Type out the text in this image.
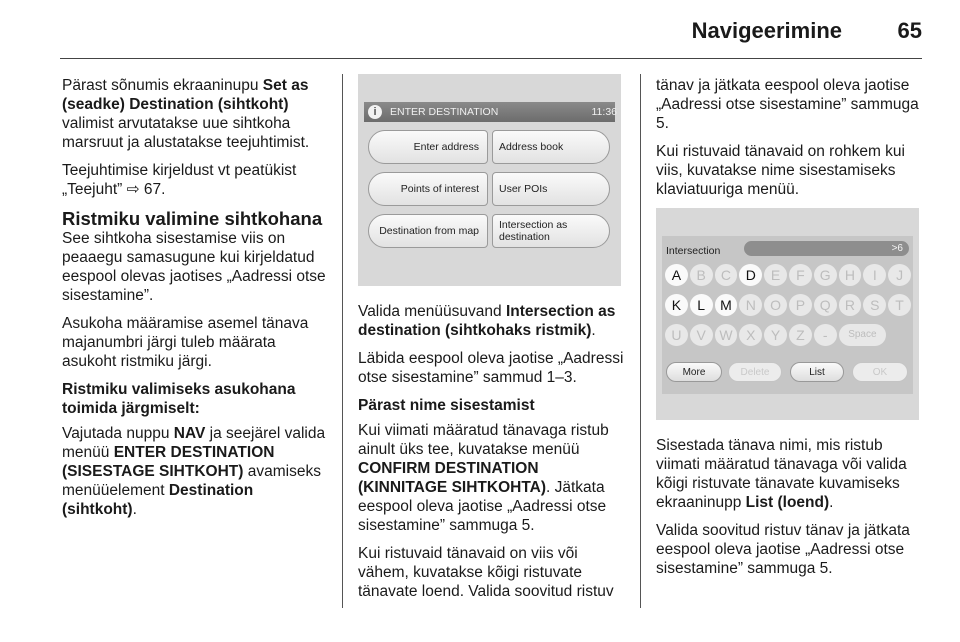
Navigeerimine	65

Pärast sõnumis ekraaninupu Set as (seadke) Destination (sihtkoht) valimist arvutatakse uue sihtkoha marsruut ja alustatakse teejuhtimist.

Teejuhtimise kirjeldust vt peatükist „Teejuht” ⇨ 67.

Ristmiku valimine sihtkohana

See sihtkoha sisestamise viis on peaaegu samasugune kui kirjeldatud eespool olevas jaotises „Aadressi otse sisestamine”.

Asukoha määramise asemel tänava majanumbri järgi tuleb määrata asukoht ristmiku järgi.

Ristmiku valimiseks asukohana toimida järgmiselt:

Vajutada nuppu NAV ja seejärel valida menüü ENTER DESTINATION (SISESTAGE SIHTKOHT) avamiseks menüüelement Destination (sihtkoht).

i	ENTER DESTINATION	11:36
Enter address	Address book
Points of interest	User POIs
Destination from map	Intersection as destination

Valida menüüsuvand Intersection as destination (sihtkohaks ristmik).

Läbida eespool oleva jaotise „Aadressi otse sisestamine” sammud 1–3.

Pärast nime sisestamist

Kui viimati määratud tänavaga ristub ainult üks tee, kuvatakse menüü CONFIRM DESTINATION (KINNITAGE SIHTKOHTA). Jätkata eespool oleva jaotise „Aadressi otse sisestamine” sammuga 5.

Kui ristuvaid tänavaid on viis või vähem, kuvatakse kõigi ristuvate tänavate loend. Valida soovitud ristuv

tänav ja jätkata eespool oleva jaotise „Aadressi otse sisestamine” sammuga 5.

Kui ristuvaid tänavaid on rohkem kui viis, kuvatakse nime sisestamiseks klaviatuuriga menüü.

Intersection	>6
A	B	C	D	E	F	G	H	I	J
K	L	M N	O	P	Q	R	S	T
U	V W X	Y	Z	-	Space
More	Delete	List	OK

Sisestada tänava nimi, mis ristub viimati määratud tänavaga või valida kõigi ristuvate tänavate kuvamiseks ekraaninupp List (loend).

Valida soovitud ristuv tänav ja jätkata eespool oleva jaotise „Aadressi otse sisestamine” sammuga 5.
